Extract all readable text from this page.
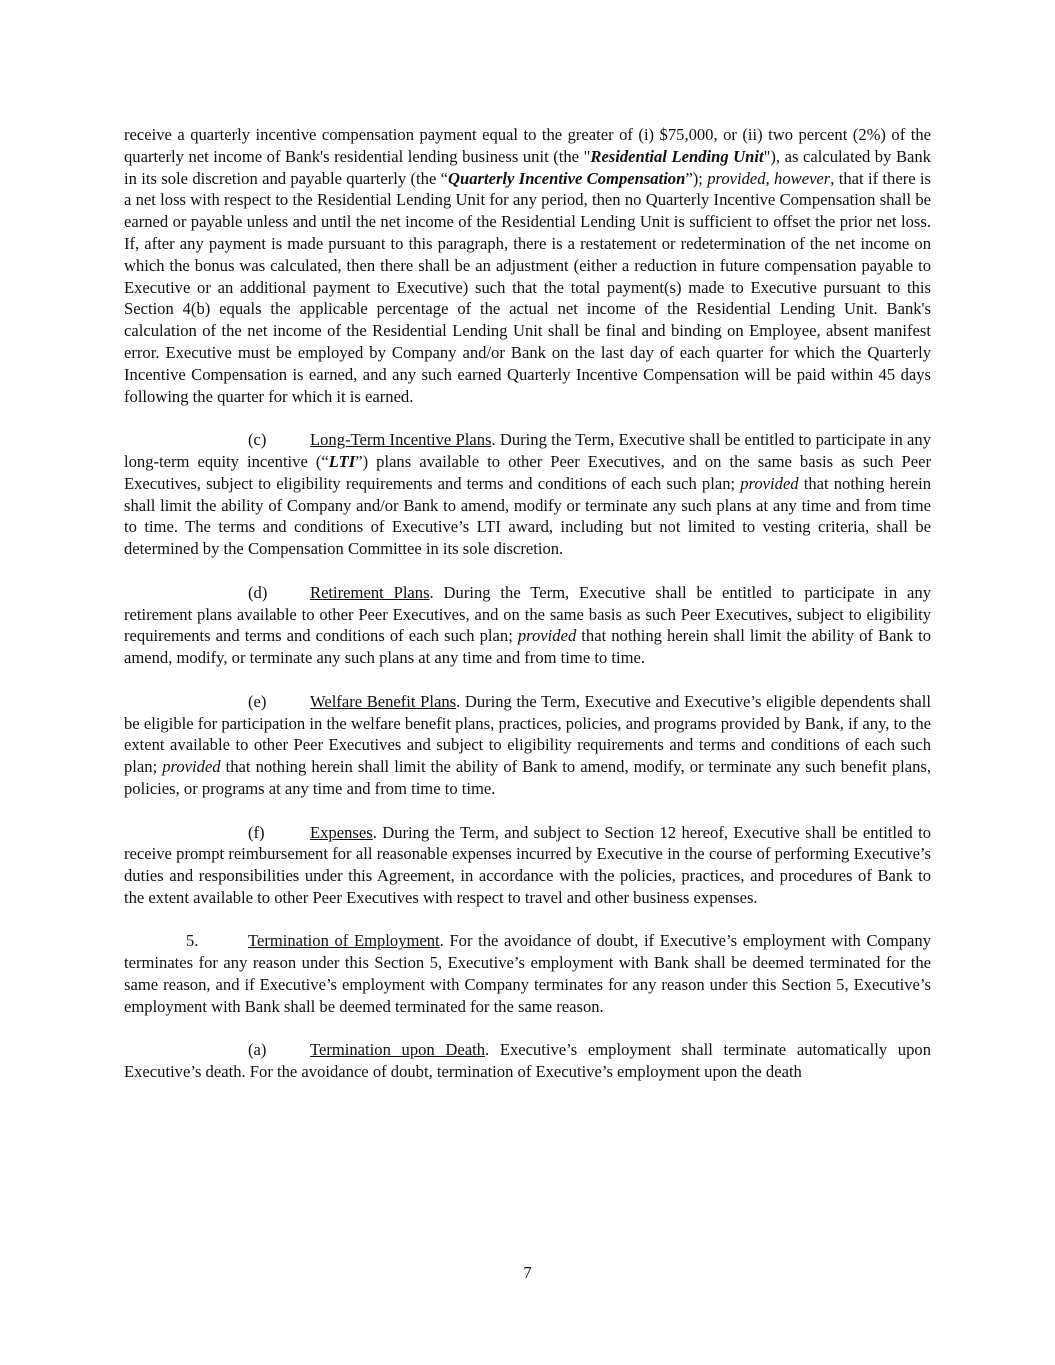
receive a quarterly incentive compensation payment equal to the greater of (i) $75,000, or (ii) two percent (2%) of the quarterly net income of Bank's residential lending business unit (the "Residential Lending Unit"), as calculated by Bank in its sole discretion and payable quarterly (the “Quarterly Incentive Compensation”); provided, however, that if there is a net loss with respect to the Residential Lending Unit for any period, then no Quarterly Incentive Compensation shall be earned or payable unless and until the net income of the Residential Lending Unit is sufficient to offset the prior net loss. If, after any payment is made pursuant to this paragraph, there is a restatement or redetermination of the net income on which the bonus was calculated, then there shall be an adjustment (either a reduction in future compensation payable to Executive or an additional payment to Executive) such that the total payment(s) made to Executive pursuant to this Section 4(b) equals the applicable percentage of the actual net income of the Residential Lending Unit. Bank's calculation of the net income of the Residential Lending Unit shall be final and binding on Employee, absent manifest error. Executive must be employed by Company and/or Bank on the last day of each quarter for which the Quarterly Incentive Compensation is earned, and any such earned Quarterly Incentive Compensation will be paid within 45 days following the quarter for which it is earned.

(c)	Long-Term Incentive Plans. During the Term, Executive shall be entitled to participate in any long-term equity incentive (“LTI”) plans available to other Peer Executives, and on the same basis as such Peer Executives, subject to eligibility requirements and terms and conditions of each such plan; provided that nothing herein shall limit the ability of Company and/or Bank to amend, modify or terminate any such plans at any time and from time to time. The terms and conditions of Executive’s LTI award, including but not limited to vesting criteria, shall be determined by the Compensation Committee in its sole discretion.

(d)	Retirement Plans. During the Term, Executive shall be entitled to participate in any retirement plans available to other Peer Executives, and on the same basis as such Peer Executives, subject to eligibility requirements and terms and conditions of each such plan; provided that nothing herein shall limit the ability of Bank to amend, modify, or terminate any such plans at any time and from time to time.

(e)	Welfare Benefit Plans. During the Term, Executive and Executive’s eligible dependents shall be eligible for participation in the welfare benefit plans, practices, policies, and programs provided by Bank, if any, to the extent available to other Peer Executives and subject to eligibility requirements and terms and conditions of each such plan; provided that nothing herein shall limit the ability of Bank to amend, modify, or terminate any such benefit plans, policies, or programs at any time and from time to time.

(f)	Expenses. During the Term, and subject to Section 12 hereof, Executive shall be entitled to receive prompt reimbursement for all reasonable expenses incurred by Executive in the course of performing Executive’s duties and responsibilities under this Agreement, in accordance with the policies, practices, and procedures of Bank to the extent available to other Peer Executives with respect to travel and other business expenses.

5.	Termination of Employment. For the avoidance of doubt, if Executive’s employment with Company terminates for any reason under this Section 5, Executive’s employment with Bank shall be deemed terminated for the same reason, and if Executive’s employment with Company terminates for any reason under this Section 5, Executive’s employment with Bank shall be deemed terminated for the same reason.

(a)	Termination upon Death. Executive’s employment shall terminate automatically upon Executive’s death. For the avoidance of doubt, termination of Executive’s employment upon the death

7
